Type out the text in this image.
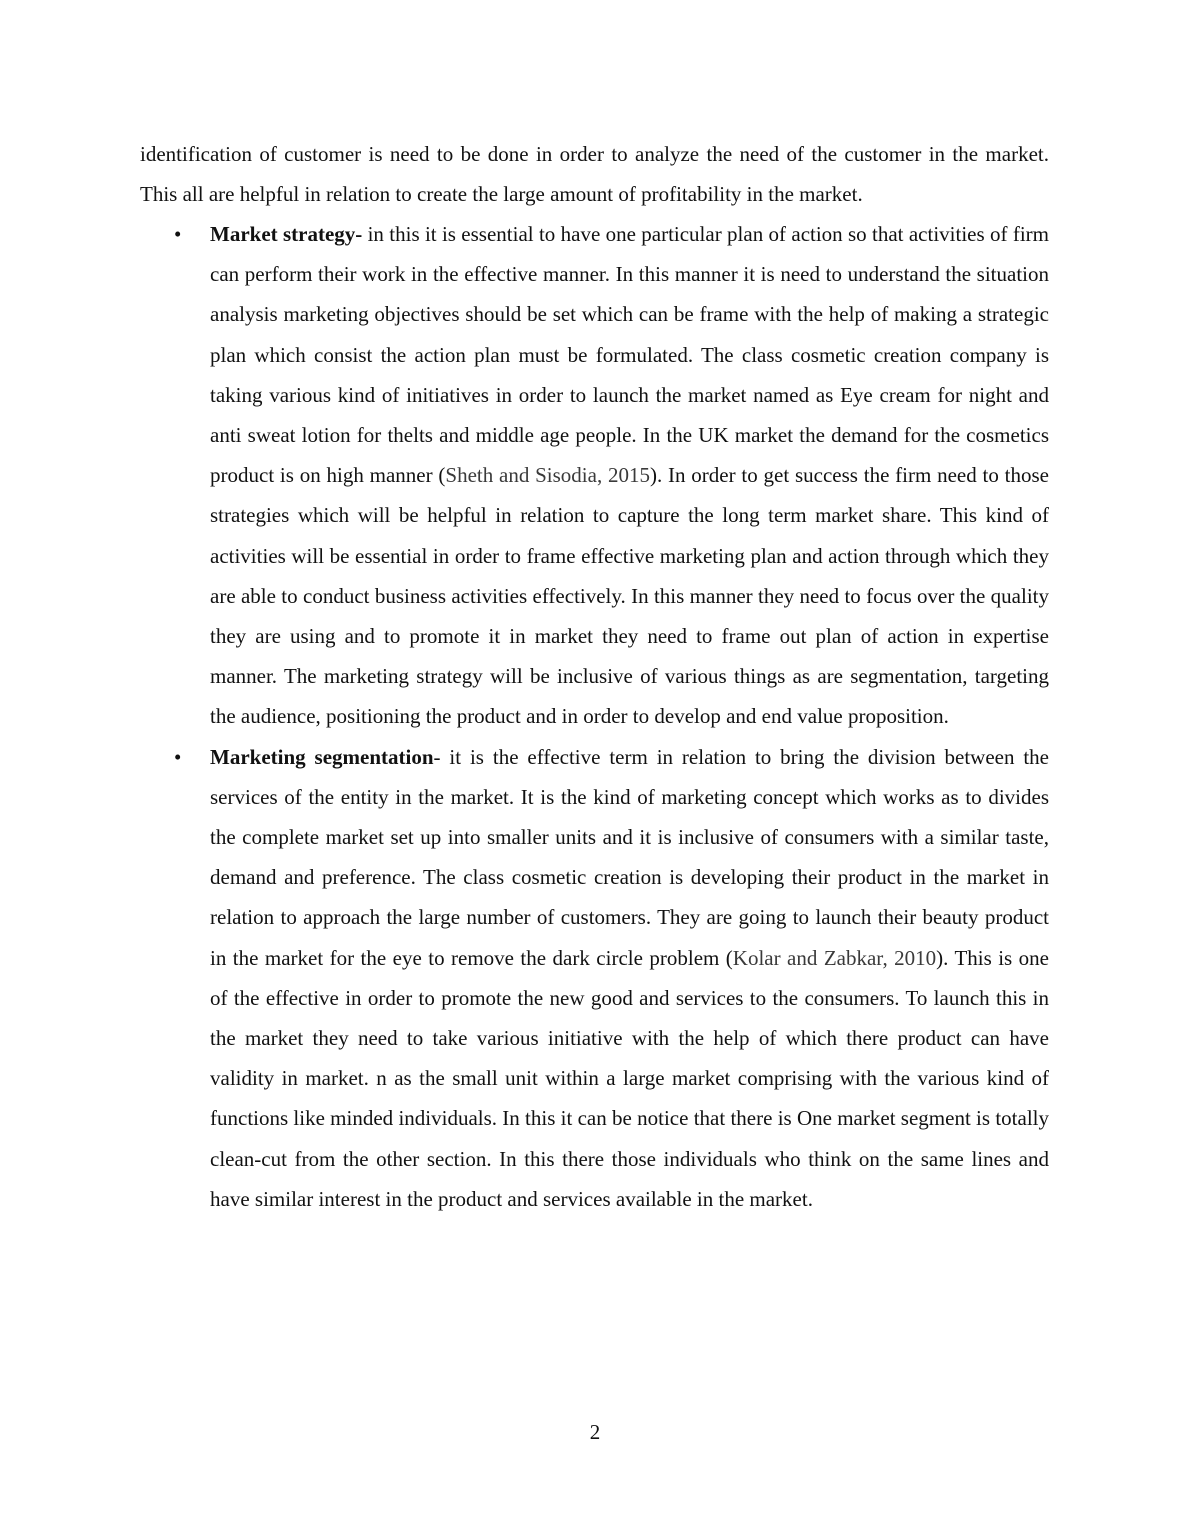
identification of customer is need to be done in order to analyze the need of the customer in the market. This all are helpful in relation to create the large amount of profitability in the market.

• Market strategy- in this it is essential to have one particular plan of action so that activities of firm can perform their work in the effective manner. In this manner it is need to understand the situation analysis marketing objectives should be set which can be frame with the help of making a strategic plan which consist the action plan must be formulated. The class cosmetic creation company is taking various kind of initiatives in order to launch the market named as Eye cream for night and anti sweat lotion for thelts and middle age people. In the UK market the demand for the cosmetics product is on high manner (Sheth and Sisodia, 2015). In order to get success the firm need to those strategies which will be helpful in relation to capture the long term market share. This kind of activities will be essential in order to frame effective marketing plan and action through which they are able to conduct business activities effectively. In this manner they need to focus over the quality they are using and to promote it in market they need to frame out plan of action in expertise manner. The marketing strategy will be inclusive of various things as are segmentation, targeting the audience, positioning the product and in order to develop and end value proposition.
• Marketing segmentation- it is the effective term in relation to bring the division between the services of the entity in the market. It is the kind of marketing concept which works as to divides the complete market set up into smaller units and it is inclusive of consumers with a similar taste, demand and preference. The class cosmetic creation is developing their product in the market in relation to approach the large number of customers. They are going to launch their beauty product in the market for the eye to remove the dark circle problem (Kolar and Zabkar, 2010). This is one of the effective in order to promote the new good and services to the consumers. To launch this in the market they need to take various initiative with the help of which there product can have validity in market. n as the small unit within a large market comprising with the various kind of functions like minded individuals. In this it can be notice that there is One market segment is totally clean-cut from the other section. In this there those individuals who think on the same lines and have similar interest in the product and services available in the market.

2
